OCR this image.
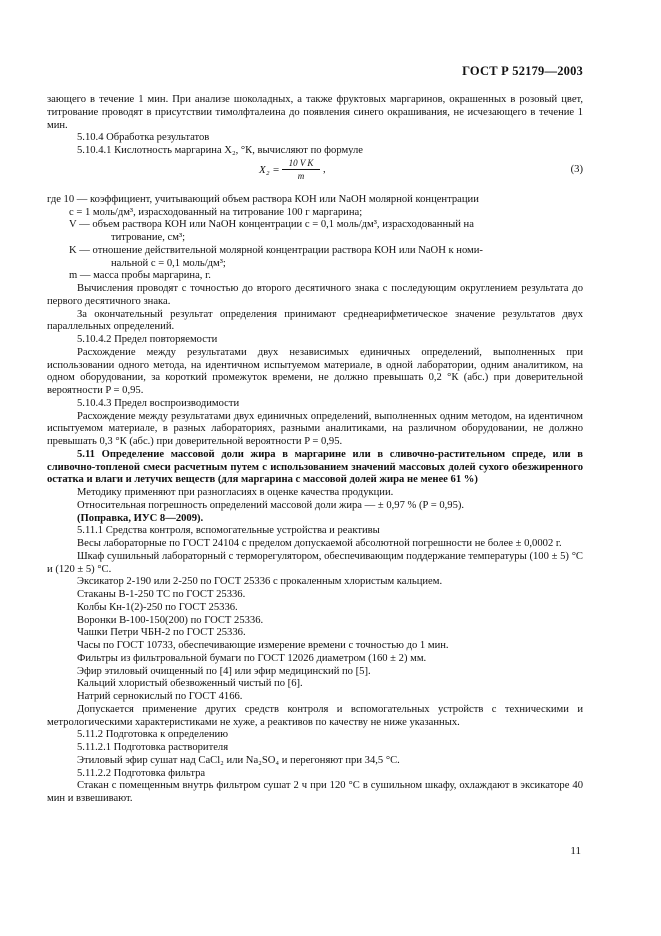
ГОСТ Р 52179—2003

зающего в течение 1 мин. При анализе шоколадных, а также фруктовых маргаринов, окрашенных в розовый цвет, титрование проводят в присутствии тимолфталеина до появления синего окрашивания, не исчезающего в течение 1 мин.

5.10.4 Обработка результатов

5.10.4.1 Кислотность маргарина X₂, °К, вычисляют по формуле

$X_2 = \frac{\text{10 V K}}{m}$ ,	(3)

где 10 — коэффициент, учитывающий объем раствора КОН или NaOH молярной концентрации

c = 1 моль/дм³, израсходованный на титрование 100 г маргарина;

V — объем раствора КОН или NaOH концентрации c = 0,1 моль/дм³, израсходованный на

титрование, см³;

K — отношение действительной молярной концентрации раствора КОН или NaOH к номи-

нальной c = 0,1 моль/дм³;

m — масса пробы маргарина, г.

Вычисления проводят с точностью до второго десятичного знака с последующим округлением результата до первого десятичного знака.

За окончательный результат определения принимают среднеарифметическое значение результатов двух параллельных определений.

5.10.4.2 Предел повторяемости

Расхождение между результатами двух независимых единичных определений, выполненных при использовании одного метода, на идентичном испытуемом материале, в одной лаборатории, одним аналитиком, на одном оборудовании, за короткий промежуток времени, не должно превышать 0,2 °К (абс.) при доверительной вероятности P = 0,95.

5.10.4.3 Предел воспроизводимости

Расхождение между результатами двух единичных определений, выполненных одним методом, на идентичном испытуемом материале, в разных лабораториях, разными аналитиками, на различном оборудовании, не должно превышать 0,3 °К (абс.) при доверительной вероятности P = 0,95.

5.11 Определение массовой доли жира в маргарине или в сливочно-растительном спреде, или в сливочно-топленой смеси расчетным путем с использованием значений массовых долей сухого обезжиренного остатка и влаги и летучих веществ (для маргарина с массовой долей жира не менее 61 %)

Методику применяют при разногласиях в оценке качества продукции.

Относительная погрешность определений массовой доли жира — ± 0,97 % (P = 0,95).

(Поправка, ИУС 8—2009).

5.11.1 Средства контроля, вспомогательные устройства и реактивы

Весы лабораторные по ГОСТ 24104 с пределом допускаемой абсолютной погрешности не более ± 0,0002 г.

Шкаф сушильный лабораторный с терморегулятором, обеспечивающим поддержание температуры (100 ± 5) °С и (120 ± 5) °С.

Эксикатор 2-190 или 2-250 по ГОСТ 25336 с прокаленным хлористым кальцием.

Стаканы В-1-250 ТС по ГОСТ 25336.

Колбы Кн-1(2)-250 по ГОСТ 25336.

Воронки В-100-150(200) по ГОСТ 25336.

Чашки Петри ЧБН-2 по ГОСТ 25336.

Часы по ГОСТ 10733, обеспечивающие измерение времени с точностью до 1 мин.

Фильтры из фильтровальной бумаги по ГОСТ 12026 диаметром (160 ± 2) мм.

Эфир этиловый очищенный по [4] или эфир медицинский по [5].

Кальций хлористый обезвоженный чистый по [6].

Натрий сернокислый по ГОСТ 4166.

Допускается применение других средств контроля и вспомогательных устройств с техническими и метрологическими характеристиками не хуже, а реактивов по качеству не ниже указанных.

5.11.2 Подготовка к определению

5.11.2.1 Подготовка растворителя

Этиловый эфир сушат над CaCl₂ или Na₂SO₄ и перегоняют при 34,5 °С.

5.11.2.2 Подготовка фильтра

Стакан с помещенным внутрь фильтром сушат 2 ч при 120 °С в сушильном шкафу, охлаждают в эксикаторе 40 мин и взвешивают.

11
